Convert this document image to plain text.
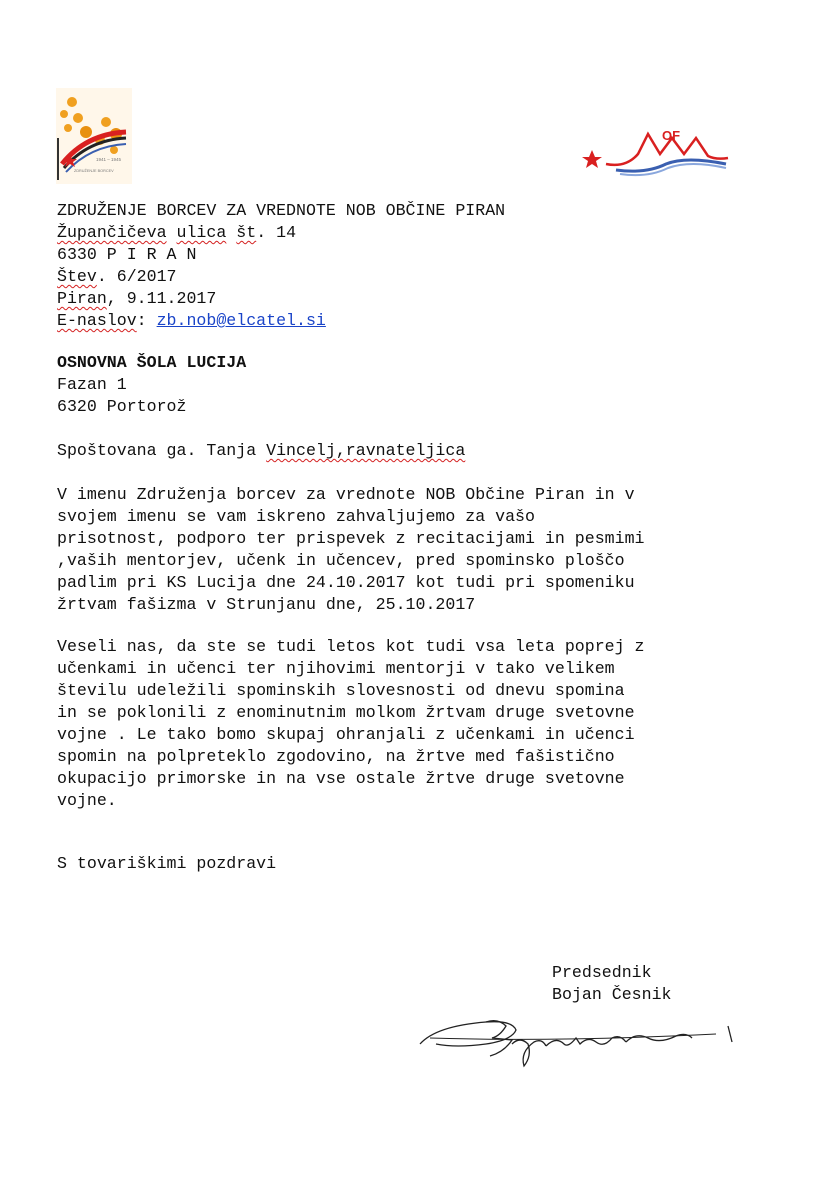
1941 – 1945
ZDRUŽENJE BORCEV
OF
ZDRUŽENJE BORCEV ZA VREDNOTE NOB OBČINE PIRAN
Župančičeva ulica št. 14
6330 P I R A N
Štev. 6/2017
Piran, 9.11.2017
E-naslov: zb.nob@elcatel.si
OSNOVNA ŠOLA LUCIJA
Fazan 1
6320 Portorož
Spoštovana ga. Tanja Vincelj,ravnateljica
V imenu Združenja borcev za vrednote NOB Občine Piran in v
svojem imenu se vam iskreno zahvaljujemo za vašo
prisotnost, podporo ter prispevek z recitacijami in pesmimi
,vaših mentorjev, učenk in učencev, pred spominsko ploščo
padlim pri KS Lucija dne 24.10.2017 kot tudi pri spomeniku
žrtvam fašizma v Strunjanu dne, 25.10.2017
Veseli nas, da ste se tudi letos kot tudi vsa leta poprej z
učenkami in učenci ter njihovimi mentorji v tako velikem
številu udeležili spominskih slovesnosti od dnevu spomina
in se poklonili z enominutnim molkom žrtvam druge svetovne
vojne . Le tako bomo skupaj ohranjali z učenkami in učenci
spomin na polpreteklo zgodovino, na žrtve med fašistično
okupacijo primorske in na vse ostale žrtve druge svetovne
vojne.
S tovariškimi pozdravi
Predsednik
Bojan Česnik
